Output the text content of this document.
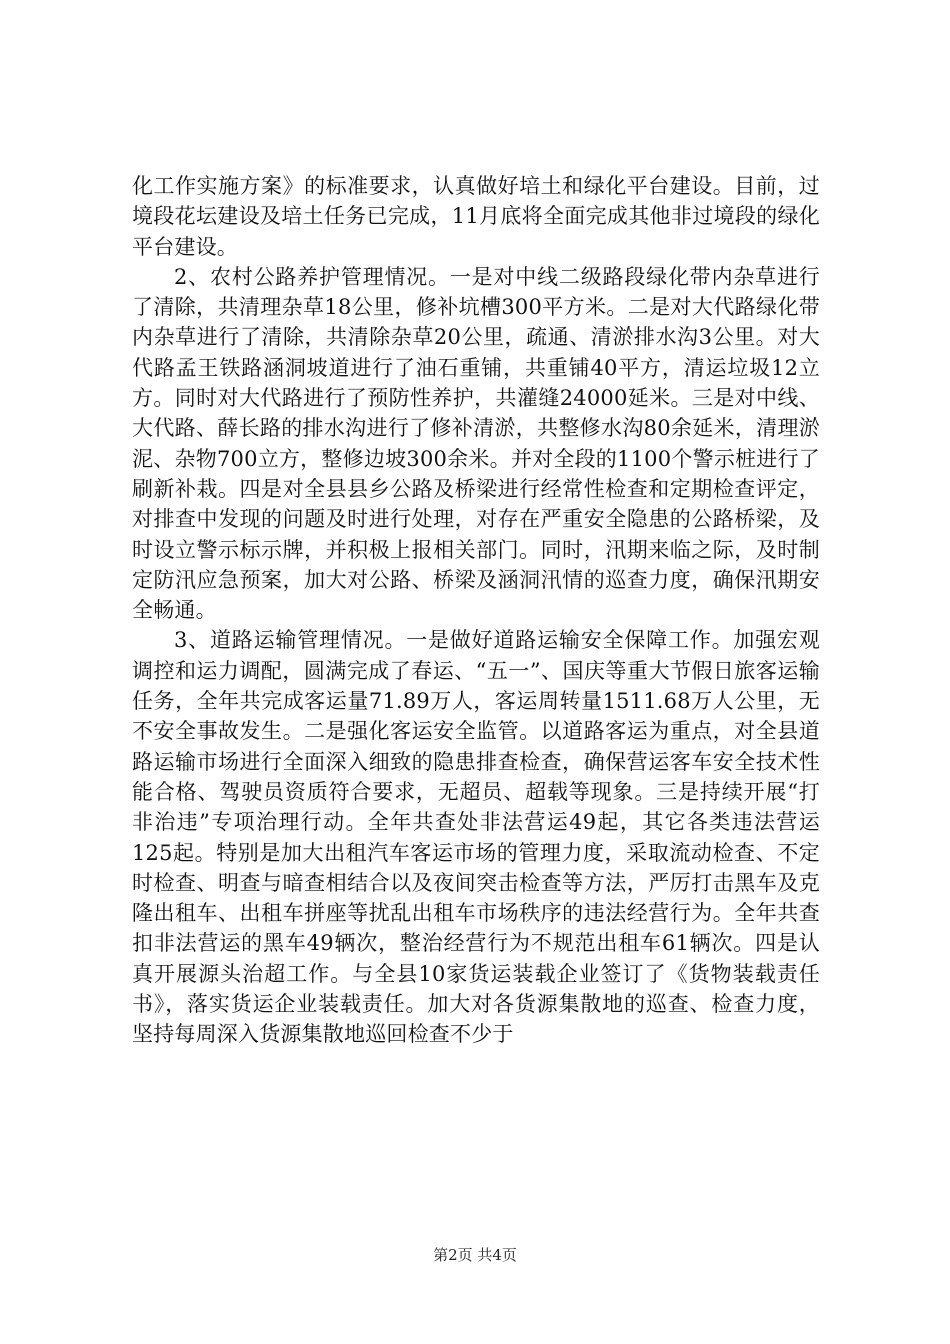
化工作实施方案》的标准要求，认真做好培土和绿化平台建设。目前，过境段花坛建设及培土任务已完成，11月底将全面完成其他非过境段的绿化平台建设。

2、农村公路养护管理情况。一是对中线二级路段绿化带内杂草进行了清除，共清理杂草18公里，修补坑槽300平方米。二是对大代路绿化带内杂草进行了清除，共清除杂草20公里，疏通、清淤排水沟3公里。对大代路孟王铁路涵洞坡道进行了油石重铺，共重铺40平方，清运垃圾12立方。同时对大代路进行了预防性养护，共灌缝24000延米。三是对中线、大代路、薛长路的排水沟进行了修补清淤，共整修水沟80余延米，清理淤泥、杂物700立方，整修边坡300余米。并对全段的1100个警示桩进行了刷新补栽。四是对全县县乡公路及桥梁进行经常性检查和定期检查评定，对排查中发现的问题及时进行处理，对存在严重安全隐患的公路桥梁，及时设立警示标示牌，并积极上报相关部门。同时，汛期来临之际，及时制定防汛应急预案，加大对公路、桥梁及涵洞汛情的巡查力度，确保汛期安全畅通。

3、道路运输管理情况。一是做好道路运输安全保障工作。加强宏观调控和运力调配，圆满完成了春运、“五一”、国庆等重大节假日旅客运输任务，全年共完成客运量71.89万人，客运周转量1511.68万人公里，无不安全事故发生。二是强化客运安全监管。以道路客运为重点，对全县道路运输市场进行全面深入细致的隐患排查检查，确保营运客车安全技术性能合格、驾驶员资质符合要求，无超员、超载等现象。三是持续开展“打非治违”专项治理行动。全年共查处非法营运49起，其它各类违法营运125起。特别是加大出租汽车客运市场的管理力度，采取流动检查、不定时检查、明查与暗查相结合以及夜间突击检查等方法，严厉打击黑车及克隆出租车、出租车拼座等扰乱出租车市场秩序的违法经营行为。全年共查扣非法营运的黑车49辆次，整治经营行为不规范出租车61辆次。四是认真开展源头治超工作。与全县10家货运装载企业签订了《货物装载责任书》，落实货运企业装载责任。加大对各货源集散地的巡查、检查力度，坚持每周深入货源集散地巡回检查不少于

第2页 共4页
